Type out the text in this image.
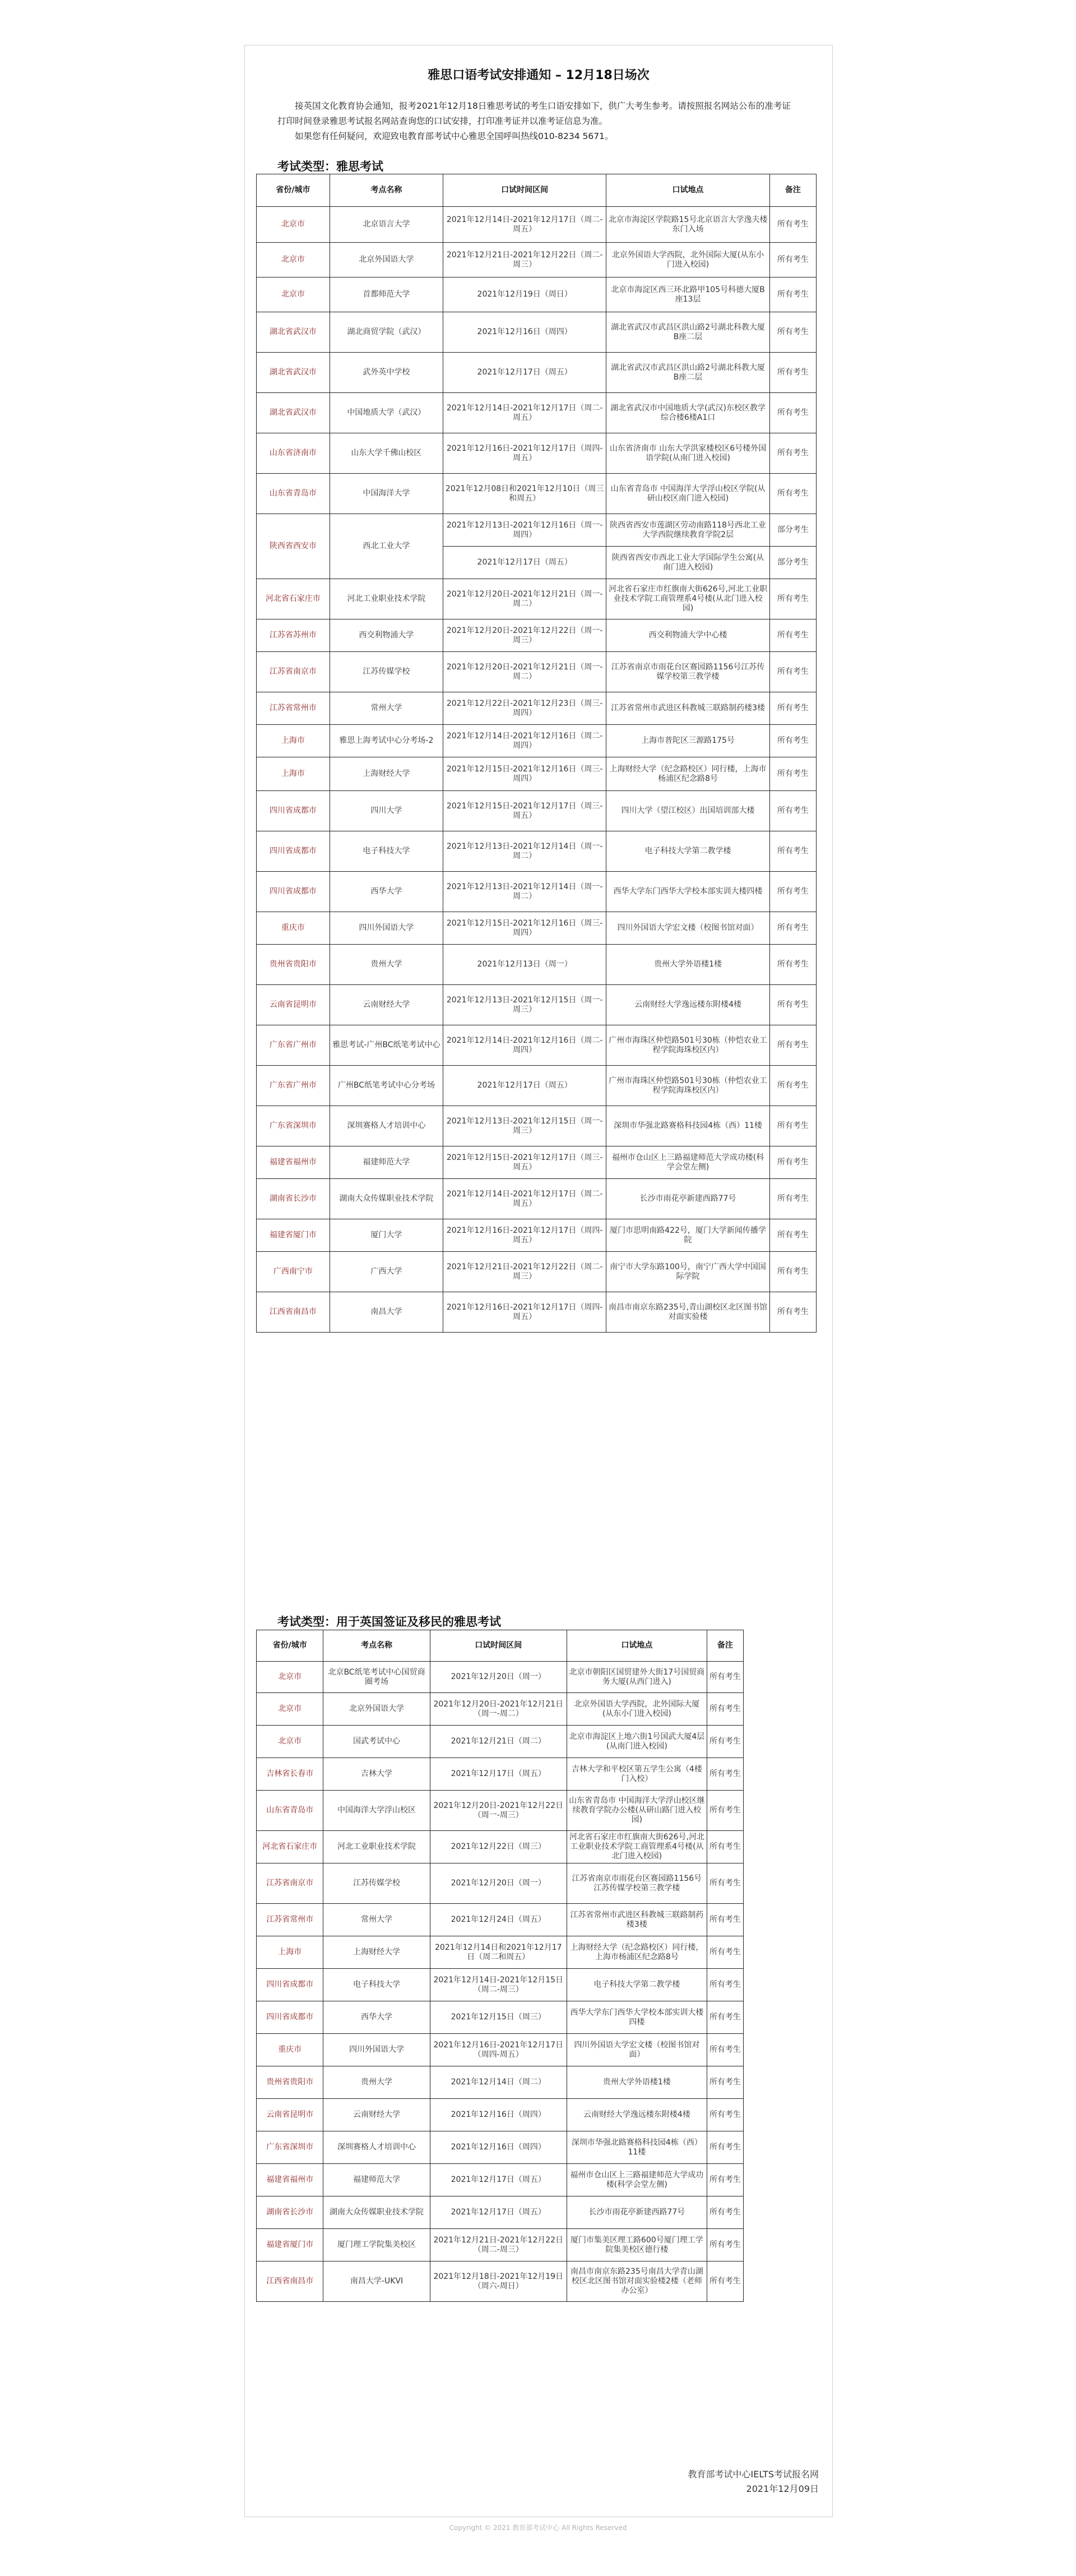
雅思口语考试安排通知 – 12月18日场次

接英国文化教育协会通知，报考2021年12月18日雅思考试的考生口语安排如下，供广大考生参考。请按照报名网站公布的准考证打印时间登录雅思考试报名网站查询您的口试安排，打印准考证并以准考证信息为准。

如果您有任何疑问，欢迎致电教育部考试中心雅思全国呼叫热线010-8234 5671。

考试类型：雅思考试
省份/城市	考点名称	口试时间区间	口试地点	备注
北京市	北京语言大学	2021年12月14日-2021年12月17日（周二-周五）	北京市海淀区学院路15号北京语言大学逸夫楼东门入场	所有考生
北京市	北京外国语大学	2021年12月21日-2021年12月22日（周二-周三）	北京外国语大学西院，北外国际大厦(从东小门进入校园)	所有考生
北京市	首都师范大学	2021年12月19日（周日）	北京市海淀区西三环北路甲105号科德大厦B座13层	所有考生
湖北省武汉市	湖北商贸学院（武汉）	2021年12月16日（周四）	湖北省武汉市武昌区洪山路2号湖北科教大厦B座二层	所有考生
湖北省武汉市	武外英中学校	2021年12月17日（周五）	湖北省武汉市武昌区洪山路2号湖北科教大厦B座二层	所有考生
湖北省武汉市	中国地质大学（武汉）	2021年12月14日-2021年12月17日（周二-周五）	湖北省武汉市中国地质大学(武汉)东校区教学综合楼6楼A1口	所有考生
山东省济南市	山东大学千佛山校区	2021年12月16日-2021年12月17日（周四-周五）	山东省济南市 山东大学洪家楼校区6号楼外国语学院(从南门进入校园)	所有考生
山东省青岛市	中国海洋大学	2021年12月08日和2021年12月10日（周三和周五）	山东省青岛市 中国海洋大学浮山校区学院(从研山校区南门进入校园)	所有考生
陕西省西安市	西北工业大学	2021年12月13日-2021年12月16日（周一-周四）	陕西省西安市莲湖区劳动南路118号西北工业大学西院继续教育学院2层	部分考生
		2021年12月17日（周五）	陕西省西安市西北工业大学国际学生公寓(从南门进入校园)	部分考生
河北省石家庄市	河北工业职业技术学院	2021年12月20日-2021年12月21日（周一-周二）	河北省石家庄市红旗南大街626号,河北工业职业技术学院工商管理系4号楼(从北门进入校园)	所有考生
江苏省苏州市	西交利物浦大学	2021年12月20日-2021年12月22日（周一-周三）	西交利物浦大学中心楼	所有考生
江苏省南京市	江苏传媒学校	2021年12月20日-2021年12月21日（周一-周二）	江苏省南京市雨花台区赛园路1156号江苏传媒学校第三教学楼	所有考生
江苏省常州市	常州大学	2021年12月22日-2021年12月23日（周三-周四）	江苏省常州市武进区科教城三联路制药楼3楼	所有考生
上海市	雅思上海考试中心分考场-2	2021年12月14日-2021年12月16日（周二-周四）	上海市普陀区三源路175号	所有考生
上海市	上海财经大学	2021年12月15日-2021年12月16日（周三-周四）	上海财经大学（纪念路校区）同行楼，上海市杨浦区纪念路8号	所有考生
四川省成都市	四川大学	2021年12月15日-2021年12月17日（周三-周五）	四川大学（望江校区）出国培训部大楼	所有考生
四川省成都市	电子科技大学	2021年12月13日-2021年12月14日（周一-周二）	电子科技大学第二教学楼	所有考生
四川省成都市	西华大学	2021年12月13日-2021年12月14日（周一-周二）	西华大学东门西华大学校本部实训大楼四楼	所有考生
重庆市	四川外国语大学	2021年12月15日-2021年12月16日（周三-周四）	四川外国语大学宏文楼（校图书馆对面）	所有考生
贵州省贵阳市	贵州大学	2021年12月13日（周一）	贵州大学外语楼1楼	所有考生
云南省昆明市	云南财经大学	2021年12月13日-2021年12月15日（周一-周三）	云南财经大学逸远楼东附楼4楼	所有考生
广东省广州市	雅思考试-广州BC纸笔考试中心	2021年12月14日-2021年12月16日（周二-周四）	广州市海珠区仲恺路501号30栋（仲恺农业工程学院海珠校区内）	所有考生
广东省广州市	广州BC纸笔考试中心分考场	2021年12月17日（周五）	广州市海珠区仲恺路501号30栋（仲恺农业工程学院海珠校区内）	所有考生
广东省深圳市	深圳赛格人才培训中心	2021年12月13日-2021年12月15日（周一-周三）	深圳市华强北路赛格科技园4栋（西）11楼	所有考生
福建省福州市	福建师范大学	2021年12月15日-2021年12月17日（周三-周五）	福州市仓山区上三路福建师范大学成功楼(科学会堂左侧)	所有考生
湖南省长沙市	湖南大众传媒职业技术学院	2021年12月14日-2021年12月17日（周二-周五）	长沙市雨花亭新建西路77号	所有考生
福建省厦门市	厦门大学	2021年12月16日-2021年12月17日（周四-周五）	厦门市思明南路422号，厦门大学新闻传播学院	所有考生
广西南宁市	广西大学	2021年12月21日-2021年12月22日（周二-周三）	南宁市大学东路100号，南宁广西大学中国国际学院	所有考生
江西省南昌市	南昌大学	2021年12月16日-2021年12月17日（周四-周五）	南昌市南京东路235号,青山湖校区北区图书馆对面实验楼	所有考生
考试类型：用于英国签证及移民的雅思考试
省份/城市	考点名称	口试时间区间	口试地点	备注
北京市	北京BC纸笔考试中心国贸商圈考场	2021年12月20日（周一）	北京市朝阳区国贸建外大街17号国贸商务大厦(从西门进入)	所有考生
北京市	北京外国语大学	2021年12月20日-2021年12月21日（周一-周二）	北京外国语大学西院，北外国际大厦(从东小门进入校园)	所有考生
北京市	国武考试中心	2021年12月21日（周二）	北京市海淀区上地六街1号国武大厦4层(从南门进入校园)	所有考生
吉林省长春市	吉林大学	2021年12月17日（周五）	吉林大学和平校区第五学生公寓（4楼门入校）	所有考生
山东省青岛市	中国海洋大学浮山校区	2021年12月20日-2021年12月22日（周一-周三）	山东省青岛市 中国海洋大学浮山校区继续教育学院办公楼(从研山路门进入校园)	所有考生
河北省石家庄市	河北工业职业技术学院	2021年12月22日（周三）	河北省石家庄市红旗南大街626号,河北工业职业技术学院工商管理系4号楼(从北门进入校园)	所有考生
江苏省南京市	江苏传媒学校	2021年12月20日（周一）	江苏省南京市雨花台区赛园路1156号江苏传媒学校第三教学楼	所有考生
江苏省常州市	常州大学	2021年12月24日（周五）	江苏省常州市武进区科教城三联路制药楼3楼	所有考生
上海市	上海财经大学	2021年12月14日和2021年12月17日（周二和周五）	上海财经大学（纪念路校区）同行楼，上海市杨浦区纪念路8号	所有考生
四川省成都市	电子科技大学	2021年12月14日-2021年12月15日（周二-周三）	电子科技大学第二教学楼	所有考生
四川省成都市	西华大学	2021年12月15日（周三）	西华大学东门西华大学校本部实训大楼四楼	所有考生
重庆市	四川外国语大学	2021年12月16日-2021年12月17日（周四-周五）	四川外国语大学宏文楼（校图书馆对面）	所有考生
贵州省贵阳市	贵州大学	2021年12月14日（周二）	贵州大学外语楼1楼	所有考生
云南省昆明市	云南财经大学	2021年12月16日（周四）	云南财经大学逸远楼东附楼4楼	所有考生
广东省深圳市	深圳赛格人才培训中心	2021年12月16日（周四）	深圳市华强北路赛格科技园4栋（西）11楼	所有考生
福建省福州市	福建师范大学	2021年12月17日（周五）	福州市仓山区上三路福建师范大学成功楼(科学会堂左侧)	所有考生
湖南省长沙市	湖南大众传媒职业技术学院	2021年12月17日（周五）	长沙市雨花亭新建西路77号	所有考生
福建省厦门市	厦门理工学院集美校区	2021年12月21日-2021年12月22日（周二-周三）	厦门市集美区理工路600号厦门理工学院集美校区德行楼	所有考生
江西省南昌市	南昌大学-UKVI	2021年12月18日-2021年12月19日（周六-周日）	南昌市南京东路235号南昌大学青山湖校区北区图书馆对面实验楼2楼（老师办公室）	所有考生
教育部考试中心IELTS考试报名网
2021年12月09日
Copyright © 2021 教育部考试中心 All Rights Reserved
